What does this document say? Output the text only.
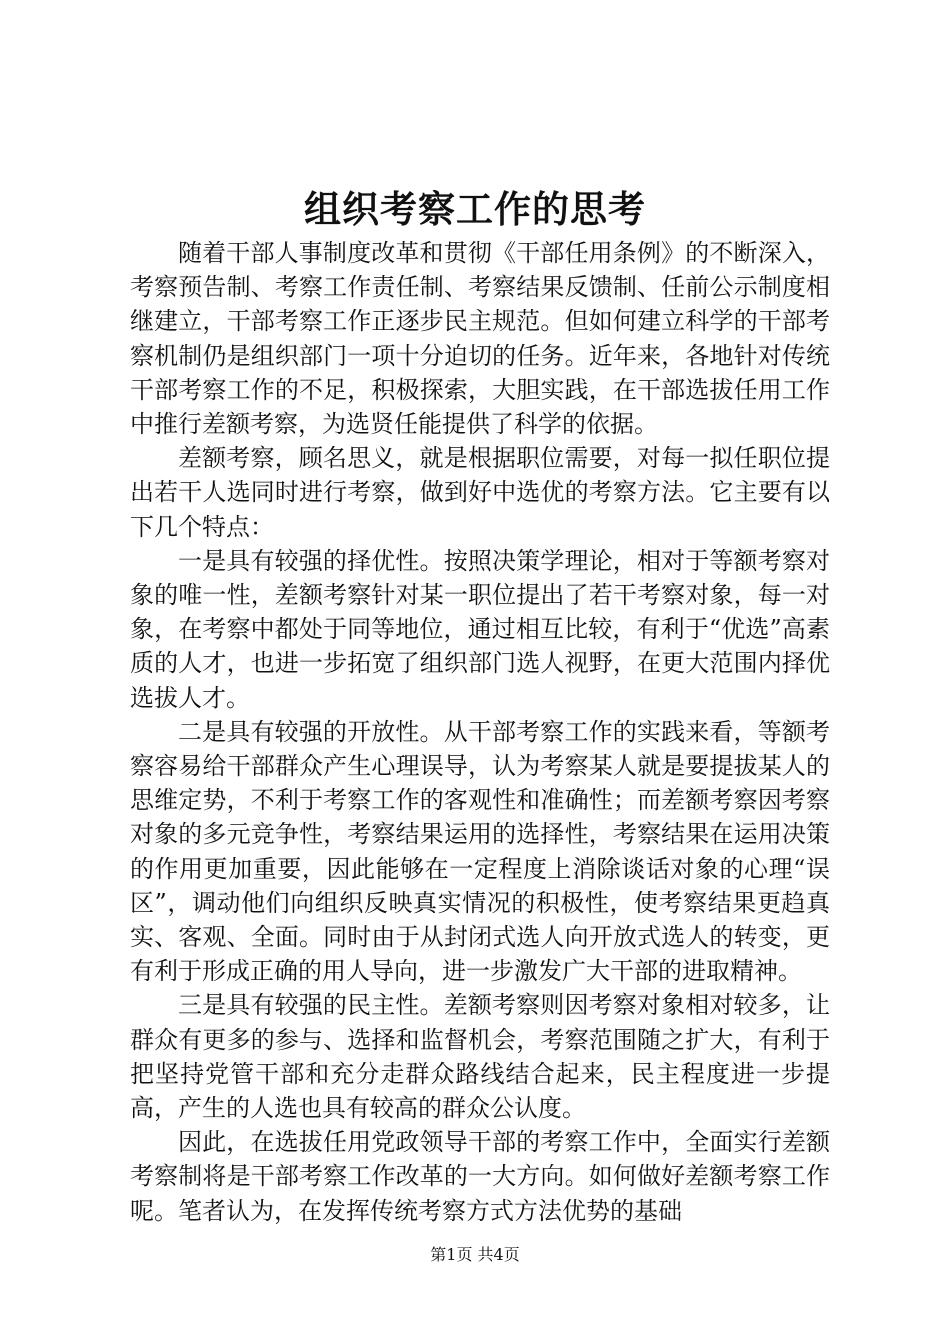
组织考察工作的思考

随着干部人事制度改革和贯彻《干部任用条例》的不断深入，考察预告制、考察工作责任制、考察结果反馈制、任前公示制度相继建立，干部考察工作正逐步民主规范。但如何建立科学的干部考察机制仍是组织部门一项十分迫切的任务。近年来，各地针对传统干部考察工作的不足，积极探索，大胆实践，在干部选拔任用工作中推行差额考察，为选贤任能提供了科学的依据。

差额考察，顾名思义，就是根据职位需要，对每一拟任职位提出若干人选同时进行考察，做到好中选优的考察方法。它主要有以下几个特点：

一是具有较强的择优性。按照决策学理论，相对于等额考察对象的唯一性，差额考察针对某一职位提出了若干考察对象，每一对象，在考察中都处于同等地位，通过相互比较，有利于“优选”高素质的人才，也进一步拓宽了组织部门选人视野，在更大范围内择优选拔人才。

二是具有较强的开放性。从干部考察工作的实践来看，等额考察容易给干部群众产生心理误导，认为考察某人就是要提拔某人的思维定势，不利于考察工作的客观性和准确性；而差额考察因考察对象的多元竞争性，考察结果运用的选择性，考察结果在运用决策的作用更加重要，因此能够在一定程度上消除谈话对象的心理“误区”，调动他们向组织反映真实情况的积极性，使考察结果更趋真实、客观、全面。同时由于从封闭式选人向开放式选人的转变，更有利于形成正确的用人导向，进一步激发广大干部的进取精神。

三是具有较强的民主性。差额考察则因考察对象相对较多，让群众有更多的参与、选择和监督机会，考察范围随之扩大，有利于把坚持党管干部和充分走群众路线结合起来，民主程度进一步提高，产生的人选也具有较高的群众公认度。

因此，在选拔任用党政领导干部的考察工作中，全面实行差额考察制将是干部考察工作改革的一大方向。如何做好差额考察工作呢。笔者认为，在发挥传统考察方式方法优势的基础

第1页 共4页
